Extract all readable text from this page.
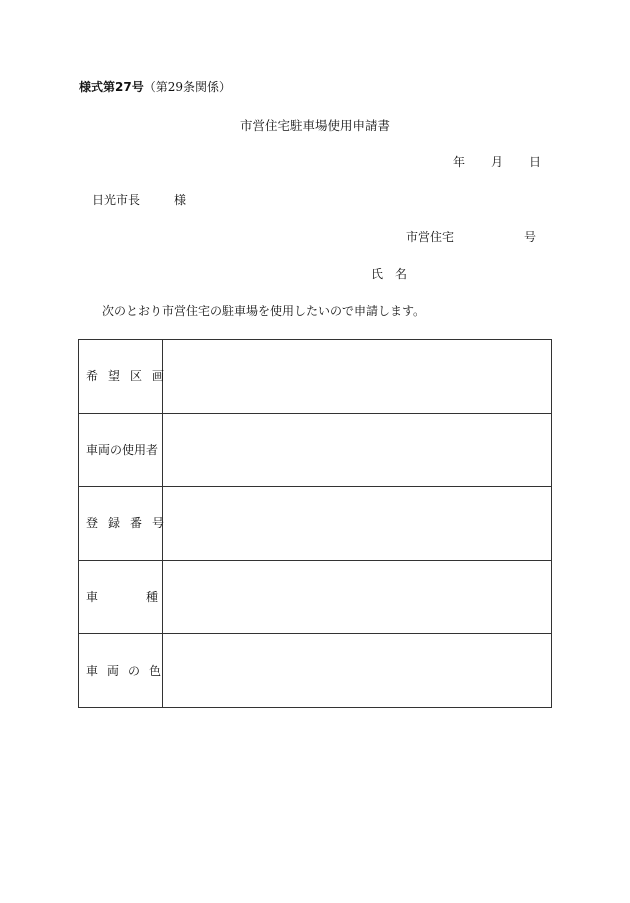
様式第27号（第29条関係）
市営住宅駐車場使用申請書
年 月 日
日光市長	様
市営住宅	号
氏　名
次のとおり市営住宅の駐車場を使用したいので申請します。
希望区画
車両の使用者
登録番号
車種
車両の色
